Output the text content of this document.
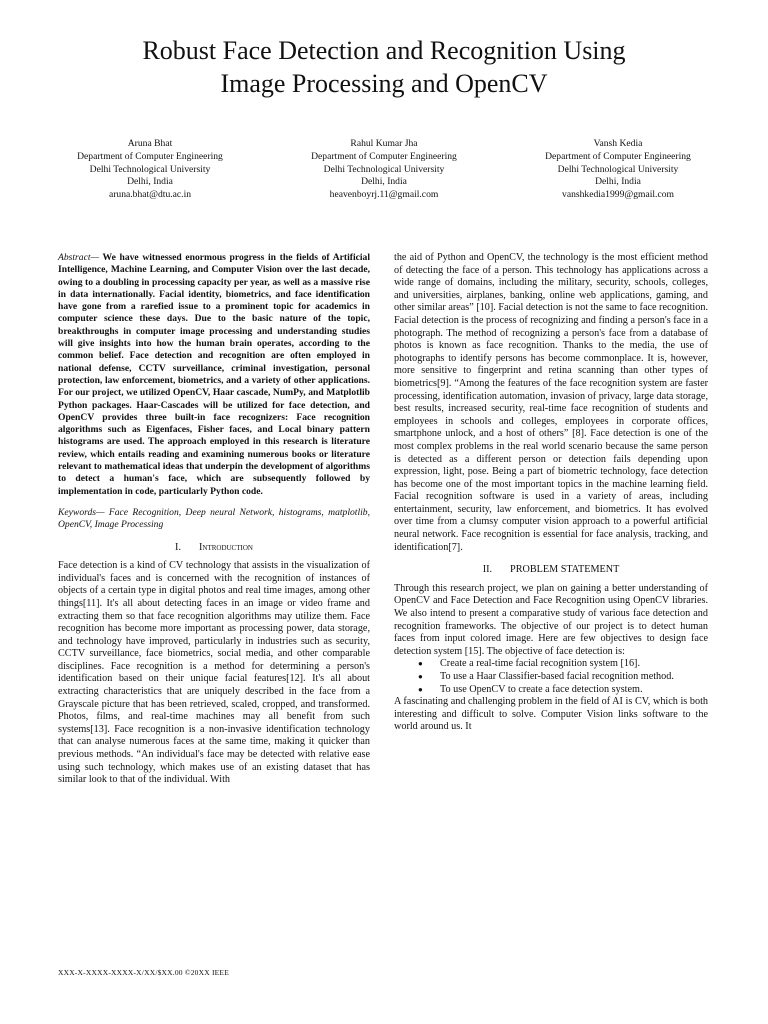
Robust Face Detection and Recognition Using
Image Processing and OpenCV
Aruna Bhat
Department of Computer Engineering
Delhi Technological University
Delhi, India
aruna.bhat@dtu.ac.in
Rahul Kumar Jha
Department of Computer Engineering
Delhi Technological University
Delhi, India
heavenboyrj.11@gmail.com
Vansh Kedia
Department of Computer Engineering
Delhi Technological University
Delhi, India
vanshkedia1999@gmail.com

Abstract— We have witnessed enormous progress in the fields of Artificial Intelligence, Machine Learning, and Computer Vision over the last decade, owing to a doubling in processing capacity per year, as well as a massive rise in data internationally. Facial identity, biometrics, and face identification have gone from a rarefied issue to a prominent topic for academics in computer science these days. Due to the basic nature of the topic, breakthroughs in computer image processing and understanding studies will give insights into how the human brain operates, according to the common belief. Face detection and recognition are often employed in national defense, CCTV surveillance, criminal investigation, personal protection, law enforcement, biometrics, and a variety of other applications. For our project, we utilized OpenCV, Haar cascade, NumPy, and Matplotlib Python packages. Haar-Cascades will be utilized for face detection, and OpenCV provides three built-in face recognizers: Face recognition algorithms such as Eigenfaces, Fisher faces, and Local binary pattern histograms are used. The approach employed in this research is literature review, which entails reading and examining numerous books or literature relevant to mathematical ideas that underpin the development of algorithms to detect a human's face, which are subsequently followed by implementation in code, particularly Python code.

Keywords— Face Recognition, Deep neural Network, histograms, matplotlib, OpenCV, Image Processing

I. Introduction

Face detection is a kind of CV technology that assists in the visualization of individual's faces and is concerned with the recognition of instances of objects of a certain type in digital photos and real time images, among other things[11]. It's all about detecting faces in an image or video frame and extracting them so that face recognition algorithms may utilize them. Face recognition has become more important as processing power, data storage, and technology have improved, particularly in industries such as security, CCTV surveillance, face biometrics, social media, and other comparable disciplines. Face recognition is a method for determining a person's identification based on their unique facial features[12]. It's all about extracting characteristics that are uniquely described in the face from a Grayscale picture that has been retrieved, scaled, cropped, and transformed. Photos, films, and real-time machines may all benefit from such systems[13]. Face recognition is a non-invasive identification technology that can analyse numerous faces at the same time, making it quicker than previous methods. “An individual's face may be detected with relative ease using such technology, which makes use of an existing dataset that has similar look to that of the individual. With

the aid of Python and OpenCV, the technology is the most efficient method of detecting the face of a person. This technology has applications across a wide range of domains, including the military, security, schools, colleges, and universities, airplanes, banking, online web applications, gaming, and other similar areas” [10]. Facial detection is not the same to face recognition. Facial detection is the process of recognizing and finding a person's face in a photograph. The method of recognizing a person's face from a database of photos is known as face recognition. Thanks to the media, the use of photographs to identify persons has become commonplace. It is, however, more sensitive to fingerprint and retina scanning than other types of biometrics[9]. “Among the features of the face recognition system are faster processing, identification automation, invasion of privacy, large data storage, best results, increased security, real-time face recognition of students and employees in schools and colleges, employees in corporate offices, smartphone unlock, and a host of others” [8]. Face detection is one of the most complex problems in the real world scenario because the same person is detected as a different person or detection fails depending upon expression, light, pose. Being a part of biometric technology, face detection has become one of the most important topics in the machine learning field. Facial recognition software is used in a variety of areas, including entertainment, security, law enforcement, and biometrics. It has evolved over time from a clumsy computer vision approach to a powerful artificial neural network. Face recognition is essential for face analysis, tracking, and identification[7].

II. PROBLEM STATEMENT

Through this research project, we plan on gaining a better understanding of OpenCV and Face Detection and Face Recognition using OpenCV libraries. We also intend to present a comparative study of various face detection and recognition frameworks. The objective of our project is to detect human faces from input colored image. Here are few objectives to design face detection system [15]. The objective of face detection is:

● Create a real-time facial recognition system [16].
● To use a Haar Classifier-based facial recognition method.
● To use OpenCV to create a face detection system.

A fascinating and challenging problem in the field of AI is CV, which is both interesting and difficult to solve. Computer Vision links software to the world around us. It

XXX-X-XXXX-XXXX-X/XX/$XX.00 ©20XX IEEE
